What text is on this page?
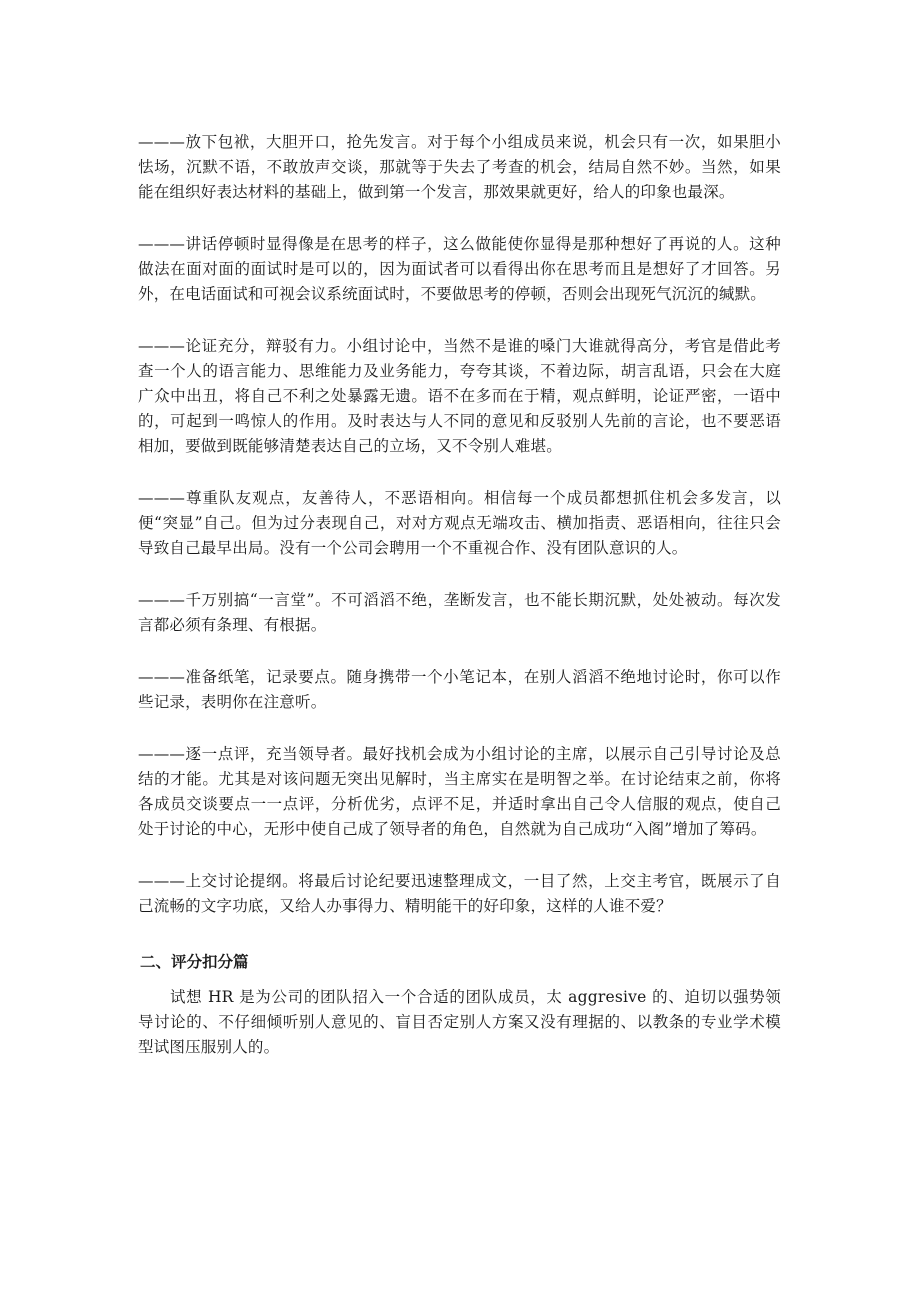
———放下包袱，大胆开口，抢先发言。对于每个小组成员来说，机会只有一次，如果胆小怯场，沉默不语，不敢放声交谈，那就等于失去了考查的机会，结局自然不妙。当然，如果能在组织好表达材料的基础上，做到第一个发言，那效果就更好，给人的印象也最深。

———讲话停顿时显得像是在思考的样子，这么做能使你显得是那种想好了再说的人。这种做法在面对面的面试时是可以的，因为面试者可以看得出你在思考而且是想好了才回答。另外，在电话面试和可视会议系统面试时，不要做思考的停顿，否则会出现死气沉沉的缄默。

———论证充分，辩驳有力。小组讨论中，当然不是谁的嗓门大谁就得高分，考官是借此考查一个人的语言能力、思维能力及业务能力，夸夸其谈，不着边际，胡言乱语，只会在大庭广众中出丑，将自己不利之处暴露无遗。语不在多而在于精，观点鲜明，论证严密，一语中的，可起到一鸣惊人的作用。及时表达与人不同的意见和反驳别人先前的言论，也不要恶语相加，要做到既能够清楚表达自己的立场，又不令别人难堪。

———尊重队友观点，友善待人，不恶语相向。相信每一个成员都想抓住机会多发言，以便“突显”自己。但为过分表现自己，对对方观点无端攻击、横加指责、恶语相向，往往只会导致自己最早出局。没有一个公司会聘用一个不重视合作、没有团队意识的人。

———千万别搞“一言堂”。不可滔滔不绝，垄断发言，也不能长期沉默，处处被动。每次发言都必须有条理、有根据。

———准备纸笔，记录要点。随身携带一个小笔记本，在别人滔滔不绝地讨论时，你可以作些记录，表明你在注意听。

———逐一点评，充当领导者。最好找机会成为小组讨论的主席，以展示自己引导讨论及总结的才能。尤其是对该问题无突出见解时，当主席实在是明智之举。在讨论结束之前，你将各成员交谈要点一一点评，分析优劣，点评不足，并适时拿出自己令人信服的观点，使自己处于讨论的中心，无形中使自己成了领导者的角色，自然就为自己成功“入阁”增加了筹码。

———上交讨论提纲。将最后讨论纪要迅速整理成文，一目了然，上交主考官，既展示了自己流畅的文字功底，又给人办事得力、精明能干的好印象，这样的人谁不爱？

二、评分扣分篇

试想 HR 是为公司的团队招入一个合适的团队成员，太 aggresive 的、迫切以强势领导讨论的、不仔细倾听别人意见的、盲目否定别人方案又没有理据的、以教条的专业学术模型试图压服别人的。
